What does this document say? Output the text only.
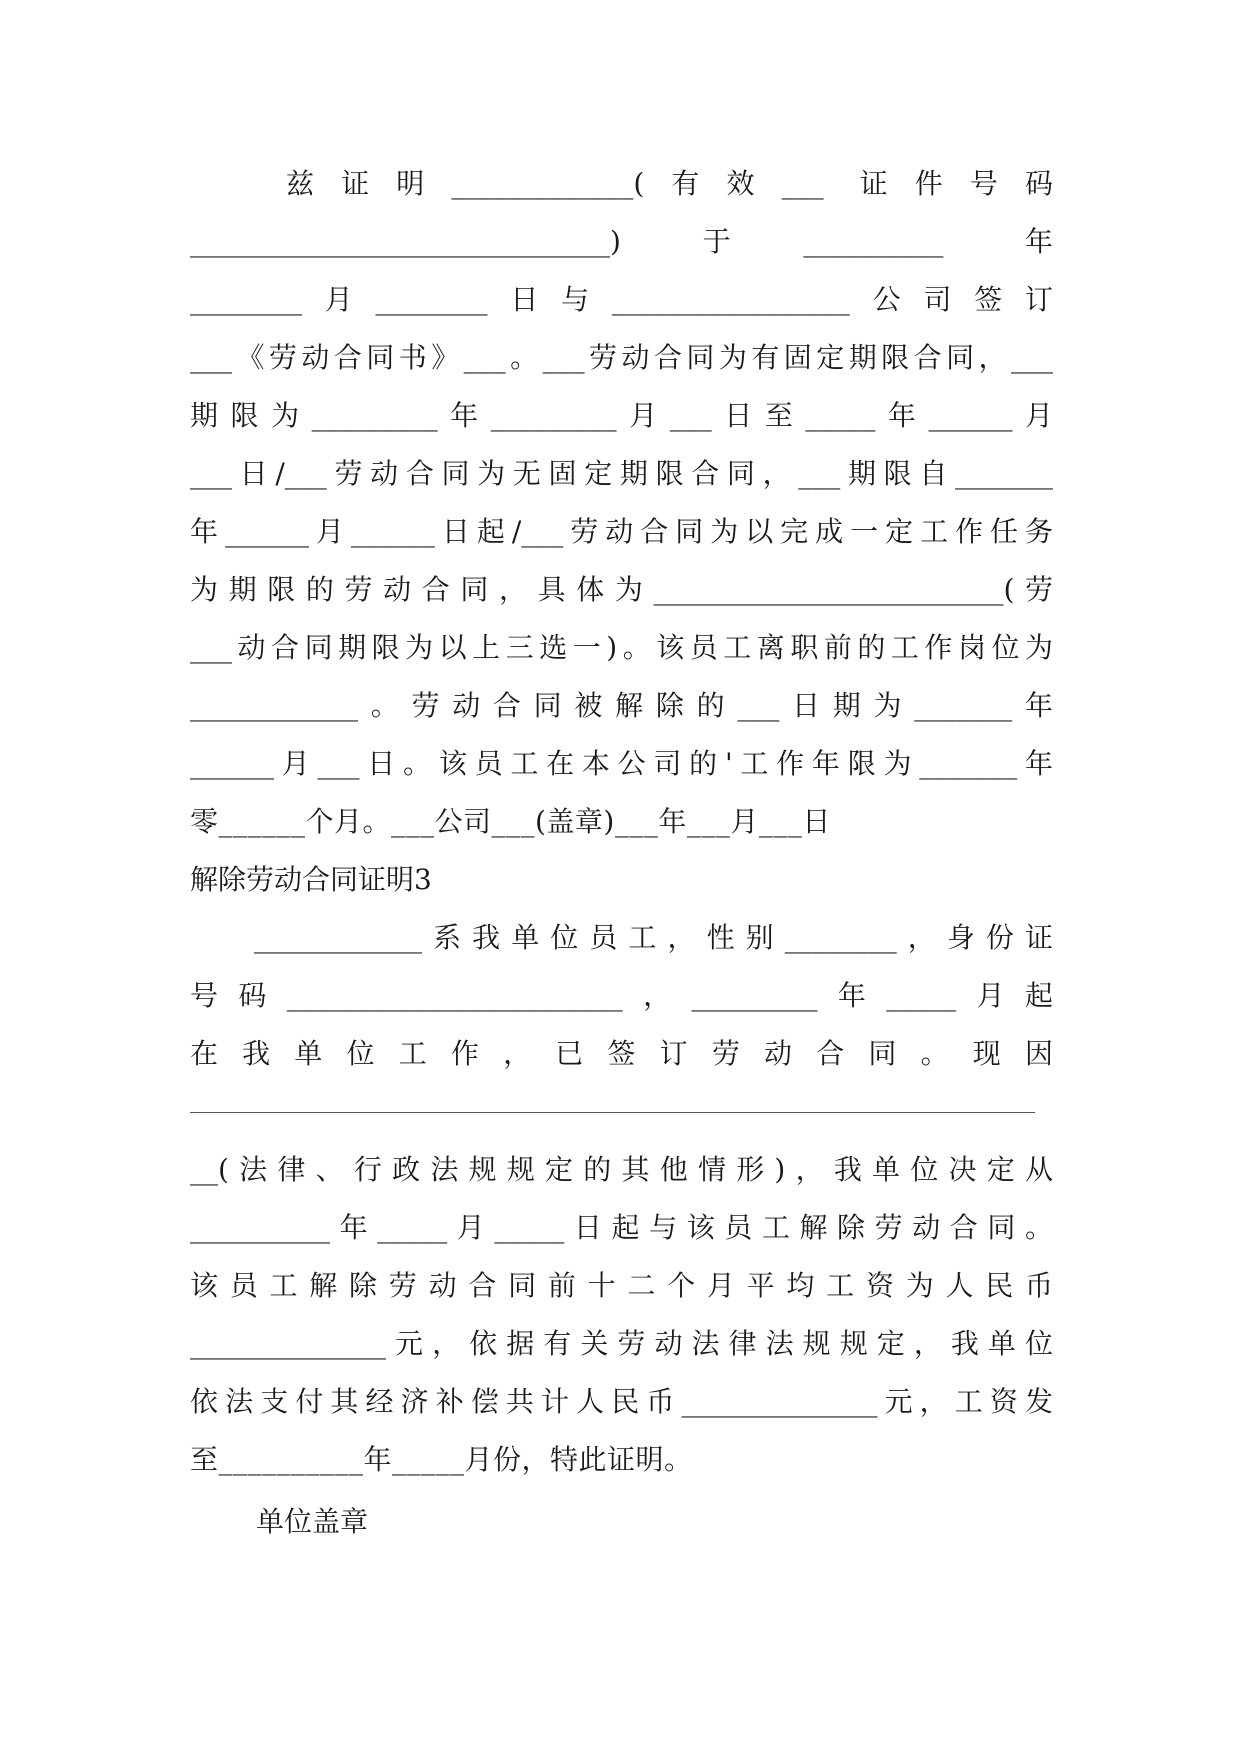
兹证明_____________(有效___ 证件号码
______________________________) 于__________ 年
________月________日与_________________公司签订
___《劳动合同书》___。___劳动合同为有固定期限合同，___
期限为_________年_________月___日至_____年______月
___日/___劳动合同为无固定期限合同，___期限自_______
年______月______日起/___劳动合同为以完成一定工作任务
为期限的劳动合同，具体为_________________________(劳
___动合同期限为以上三选一)。该员工离职前的工作岗位为
____________。劳动合同被解除的___日期为_______年
______月___日。该员工在本公司的'工作年限为_______年
零______个月。___公司___(盖章)___年___月___日
解除劳动合同证明3
____________系我单位员工，性别________，身份证
号码________________________，_________年_____月起
在我单位工作，已签订劳动合同。现因
__(法律、行政法规规定的其他情形)，我单位决定从
__________年_____月_____日起与该员工解除劳动合同。
该员工解除劳动合同前十二个月平均工资为人民币
______________元，依据有关劳动法律法规规定，我单位
依法支付其经济补偿共计人民币______________元，工资发
至__________年_____月份，特此证明。
单位盖章
